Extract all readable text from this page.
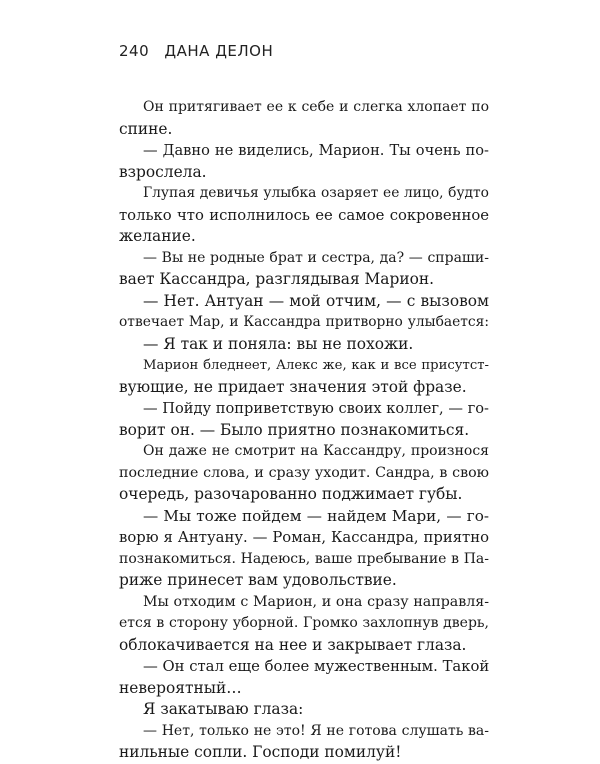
240 ДАНА ДЕЛОН
Он притягивает ее к себе и слегка хлопает по
спине.
— Давно не виделись, Марион. Ты очень по-
взрослела.
Глупая девичья улыбка озаряет ее лицо, будто
только что исполнилось ее самое сокровенное
желание.
— Вы не родные брат и сестра, да? — спраши-
вает Кассандра, разглядывая Марион.
— Нет. Антуан — мой отчим, — с вызовом
отвечает Мар, и Кассандра притворно улыбается:
— Я так и поняла: вы не похожи.
Марион бледнеет, Алекс же, как и все присутст-
вующие, не придает значения этой фразе.
— Пойду поприветствую своих коллег, — го-
ворит он. — Было приятно познакомиться.
Он даже не смотрит на Кассандру, произнося
последние слова, и сразу уходит. Сандра, в свою
очередь, разочарованно поджимает губы.
— Мы тоже пойдем — найдем Мари, — го-
ворю я Антуану. — Роман, Кассандра, приятно
познакомиться. Надеюсь, ваше пребывание в Па-
риже принесет вам удовольствие.
Мы отходим с Марион, и она сразу направля-
ется в сторону уборной. Громко захлопнув дверь,
облокачивается на нее и закрывает глаза.
— Он стал еще более мужественным. Такой
невероятный…
Я закатываю глаза:
— Нет, только не это! Я не готова слушать ва-
нильные сопли. Господи помилуй!
